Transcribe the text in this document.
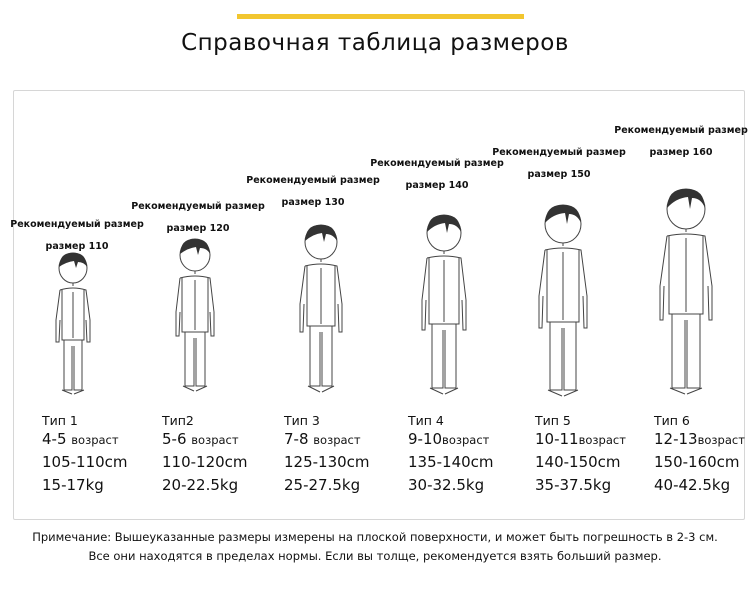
Справочная таблица размеров
Рекомендуемый размер
размер 110
Тип 1
4-5 возраст
105-110cm
15-17kg
Рекомендуемый размер
размер 120
Тип2
5-6 возраст
110-120cm
20-22.5kg
Рекомендуемый размер
размер 130
Тип 3
7-8 возраст
125-130cm
25-27.5kg
Рекомендуемый размер
размер 140
Тип 4
9-10возраст
135-140cm
30-32.5kg
Рекомендуемый размер
размер 150
Тип 5
10-11возраст
140-150cm
35-37.5kg
Рекомендуемый размер
размер 160
Тип 6
12-13возраст
150-160cm
40-42.5kg
Примечание: Вышеуказанные размеры измерены на плоской поверхности, и может быть погрешность в 2-3 см.
Все они находятся в пределах нормы. Если вы толще, рекомендуется взять больший размер.
